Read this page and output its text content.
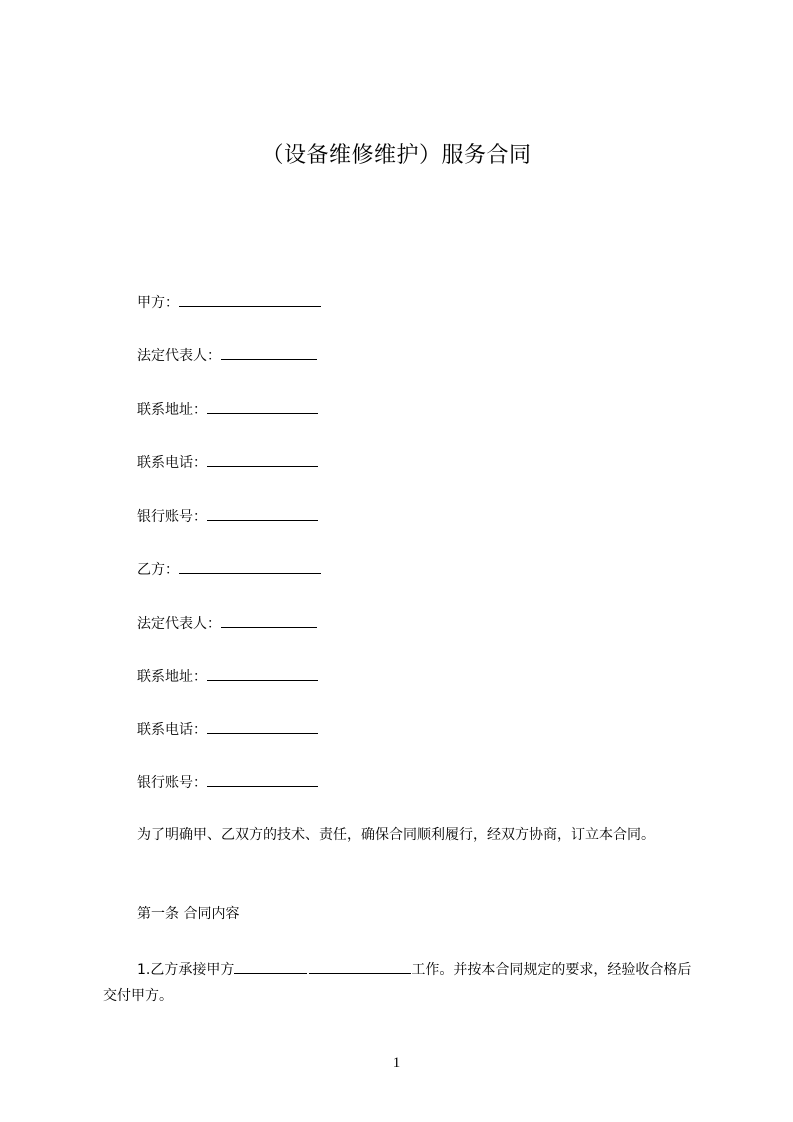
（设备维修维护）服务合同
甲方：
法定代表人：
联系地址：
联系电话：
银行账号：
乙方：
法定代表人：
联系地址：
联系电话：
银行账号：
为了明确甲、乙双方的技术、责任，确保合同顺利履行，经双方协商，订立本合同。
第一条 合同内容
1.乙方承接甲方	工作。并按本合同规定的要求，经验收合格后交付甲方。
1
